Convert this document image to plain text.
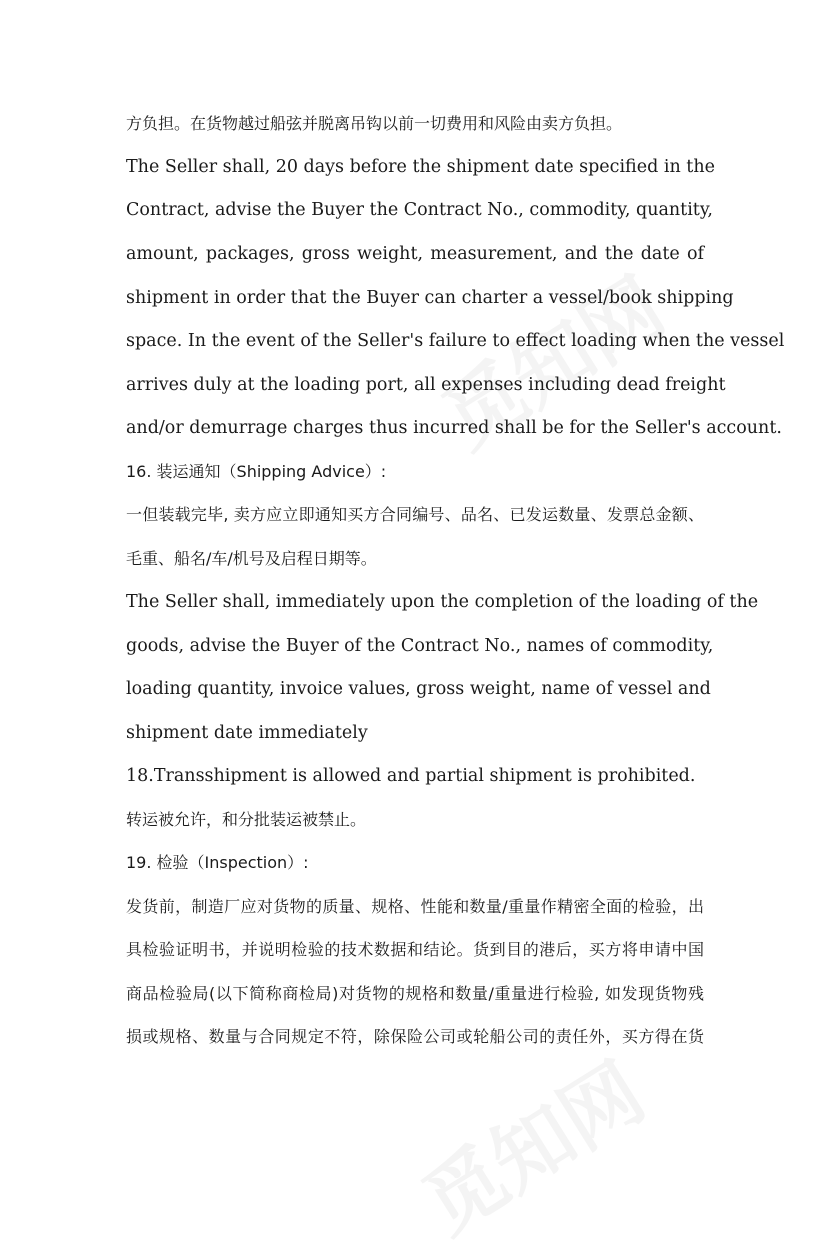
方负担。在货物越过船弦并脱离吊钩以前一切费用和风险由卖方负担。
The Seller shall, 20 days before the shipment date specified in the
Contract, advise the Buyer the Contract No., commodity, quantity,
amount, packages, gross weight, measurement, and the date of
shipment in order that the Buyer can charter a vessel/book shipping
space. In the event of the Seller's failure to effect loading when the vessel
arrives duly at the loading port, all expenses including dead freight
and/or demurrage charges thus incurred shall be for the Seller's account.
16. 装运通知（Shipping Advice）:
一但装载完毕, 卖方应立即通知买方合同编号、品名、已发运数量、发票总金额、
毛重、船名/车/机号及启程日期等。
The Seller shall, immediately upon the completion of the loading of the
goods, advise the Buyer of the Contract No., names of commodity,
loading quantity, invoice values, gross weight, name of vessel and
shipment date immediately
18.Transshipment is allowed and partial shipment is prohibited.
转运被允许，和分批装运被禁止。
19. 检验（Inspection）:
发货前，制造厂应对货物的质量、规格、性能和数量/重量作精密全面的检验，出
具检验证明书，并说明检验的技术数据和结论。货到目的港后，买方将申请中国
商品检验局(以下简称商检局)对货物的规格和数量/重量进行检验, 如发现货物残
损或规格、数量与合同规定不符，除保险公司或轮船公司的责任外，买方得在货
